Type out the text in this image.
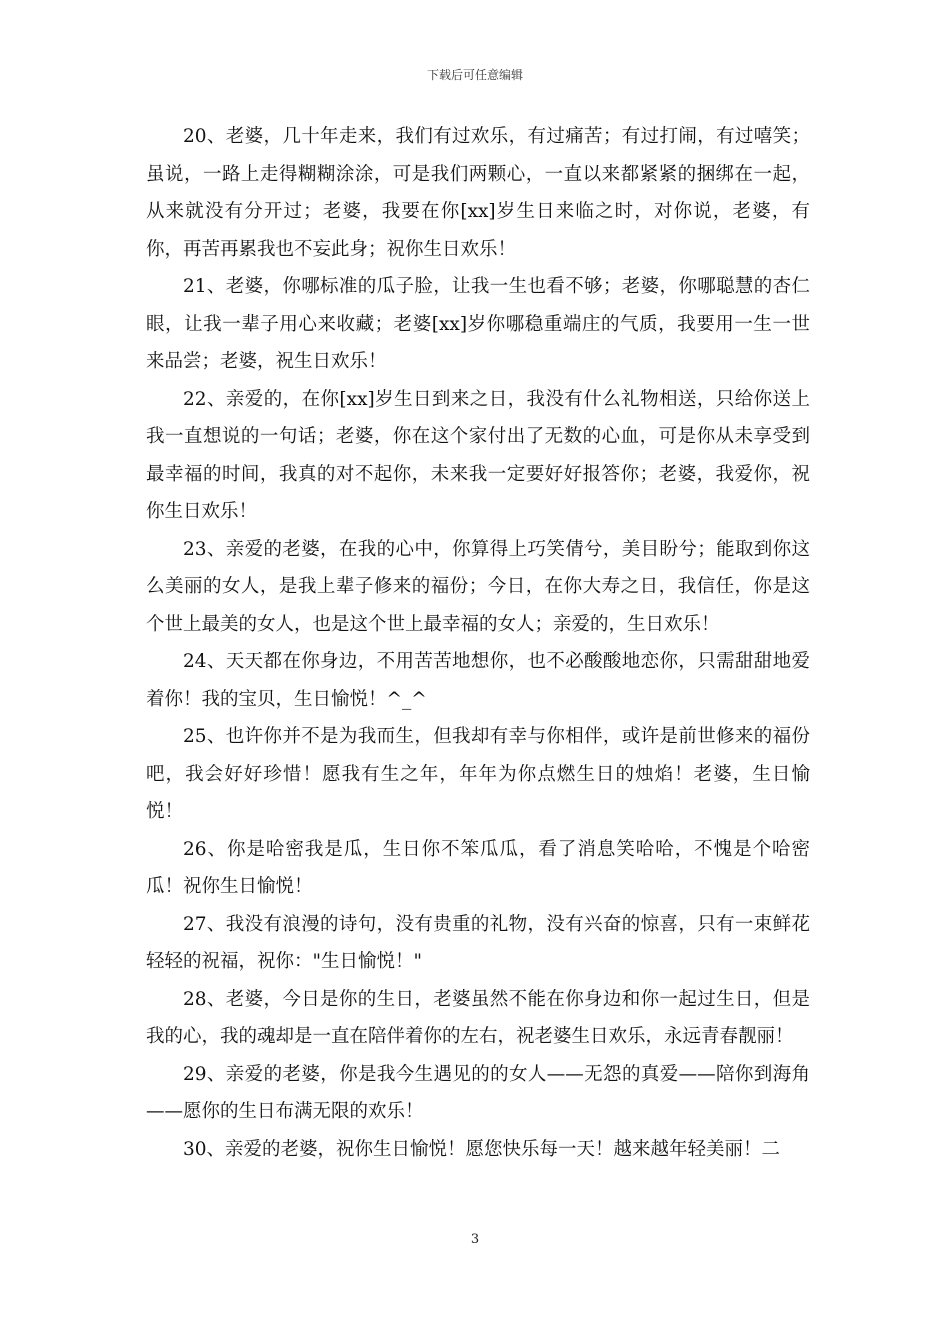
下载后可任意编辑

20、老婆，几十年走来，我们有过欢乐，有过痛苦；有过打闹，有过嘻笑；虽说，一路上走得糊糊涂涂，可是我们两颗心，一直以来都紧紧的捆绑在一起，从来就没有分开过；老婆，我要在你[xx]岁生日来临之时，对你说，老婆，有你，再苦再累我也不妄此身；祝你生日欢乐！

21、老婆，你哪标准的瓜子脸，让我一生也看不够；老婆，你哪聪慧的杏仁眼，让我一辈子用心来收藏；老婆[xx]岁你哪稳重端庄的气质，我要用一生一世来品尝；老婆，祝生日欢乐！

22、亲爱的，在你[xx]岁生日到来之日，我没有什么礼物相送，只给你送上我一直想说的一句话；老婆，你在这个家付出了无数的心血，可是你从未享受到最幸福的时间，我真的对不起你，未来我一定要好好报答你；老婆，我爱你，祝你生日欢乐！

23、亲爱的老婆，在我的心中，你算得上巧笑倩兮，美目盼兮；能取到你这么美丽的女人，是我上辈子修来的福份；今日，在你大寿之日，我信任，你是这个世上最美的女人，也是这个世上最幸福的女人；亲爱的，生日欢乐！

24、天天都在你身边，不用苦苦地想你，也不必酸酸地恋你，只需甜甜地爱着你！我的宝贝，生日愉悦！^_^

25、也许你并不是为我而生，但我却有幸与你相伴，或许是前世修来的福份吧，我会好好珍惜！愿我有生之年，年年为你点燃生日的烛焰！老婆，生日愉悦！

26、你是哈密我是瓜，生日你不笨瓜瓜，看了消息笑哈哈，不愧是个哈密瓜！祝你生日愉悦！

27、我没有浪漫的诗句，没有贵重的礼物，没有兴奋的惊喜，只有一束鲜花轻轻的祝福，祝你："生日愉悦！"

28、老婆，今日是你的生日，老婆虽然不能在你身边和你一起过生日，但是我的心，我的魂却是一直在陪伴着你的左右，祝老婆生日欢乐，永远青春靓丽！

29、亲爱的老婆，你是我今生遇见的的女人——无怨的真爱——陪你到海角——愿你的生日布满无限的欢乐！

30、亲爱的老婆，祝你生日愉悦！愿您快乐每一天！越来越年轻美丽！二

3
